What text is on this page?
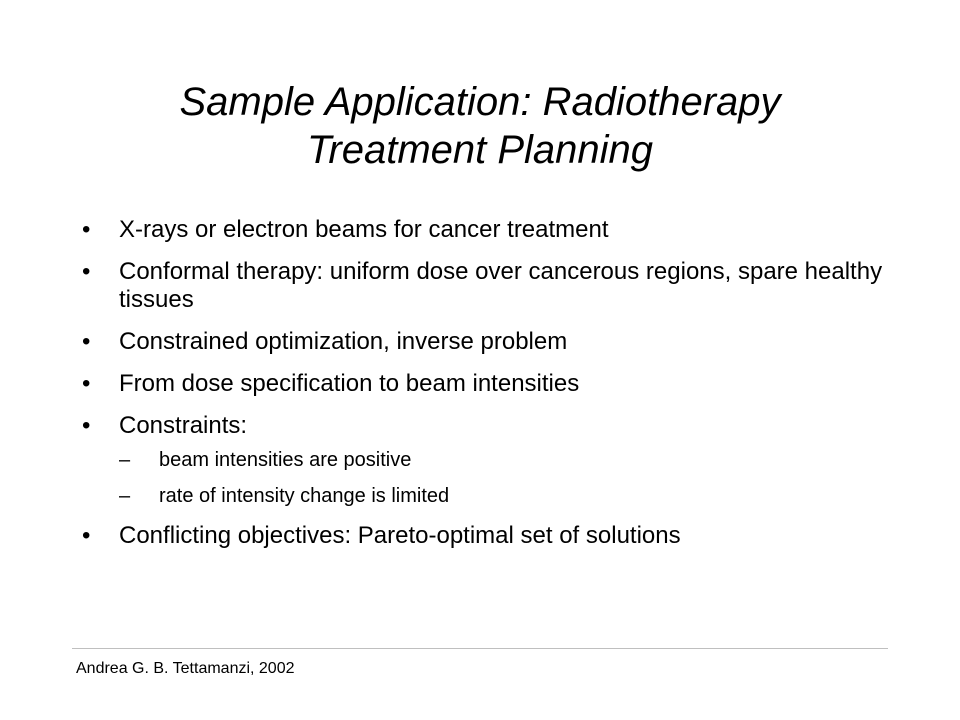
Sample Application: Radiotherapy
Treatment Planning
• X-rays or electron beams for cancer treatment
• Conformal therapy: uniform dose over cancerous regions, spare healthy tissues
• Constrained optimization, inverse problem
• From dose specification to beam intensities
• Constraints:
– beam intensities are positive
– rate of intensity change is limited
• Conflicting objectives: Pareto-optimal set of solutions
Andrea G. B. Tettamanzi, 2002
